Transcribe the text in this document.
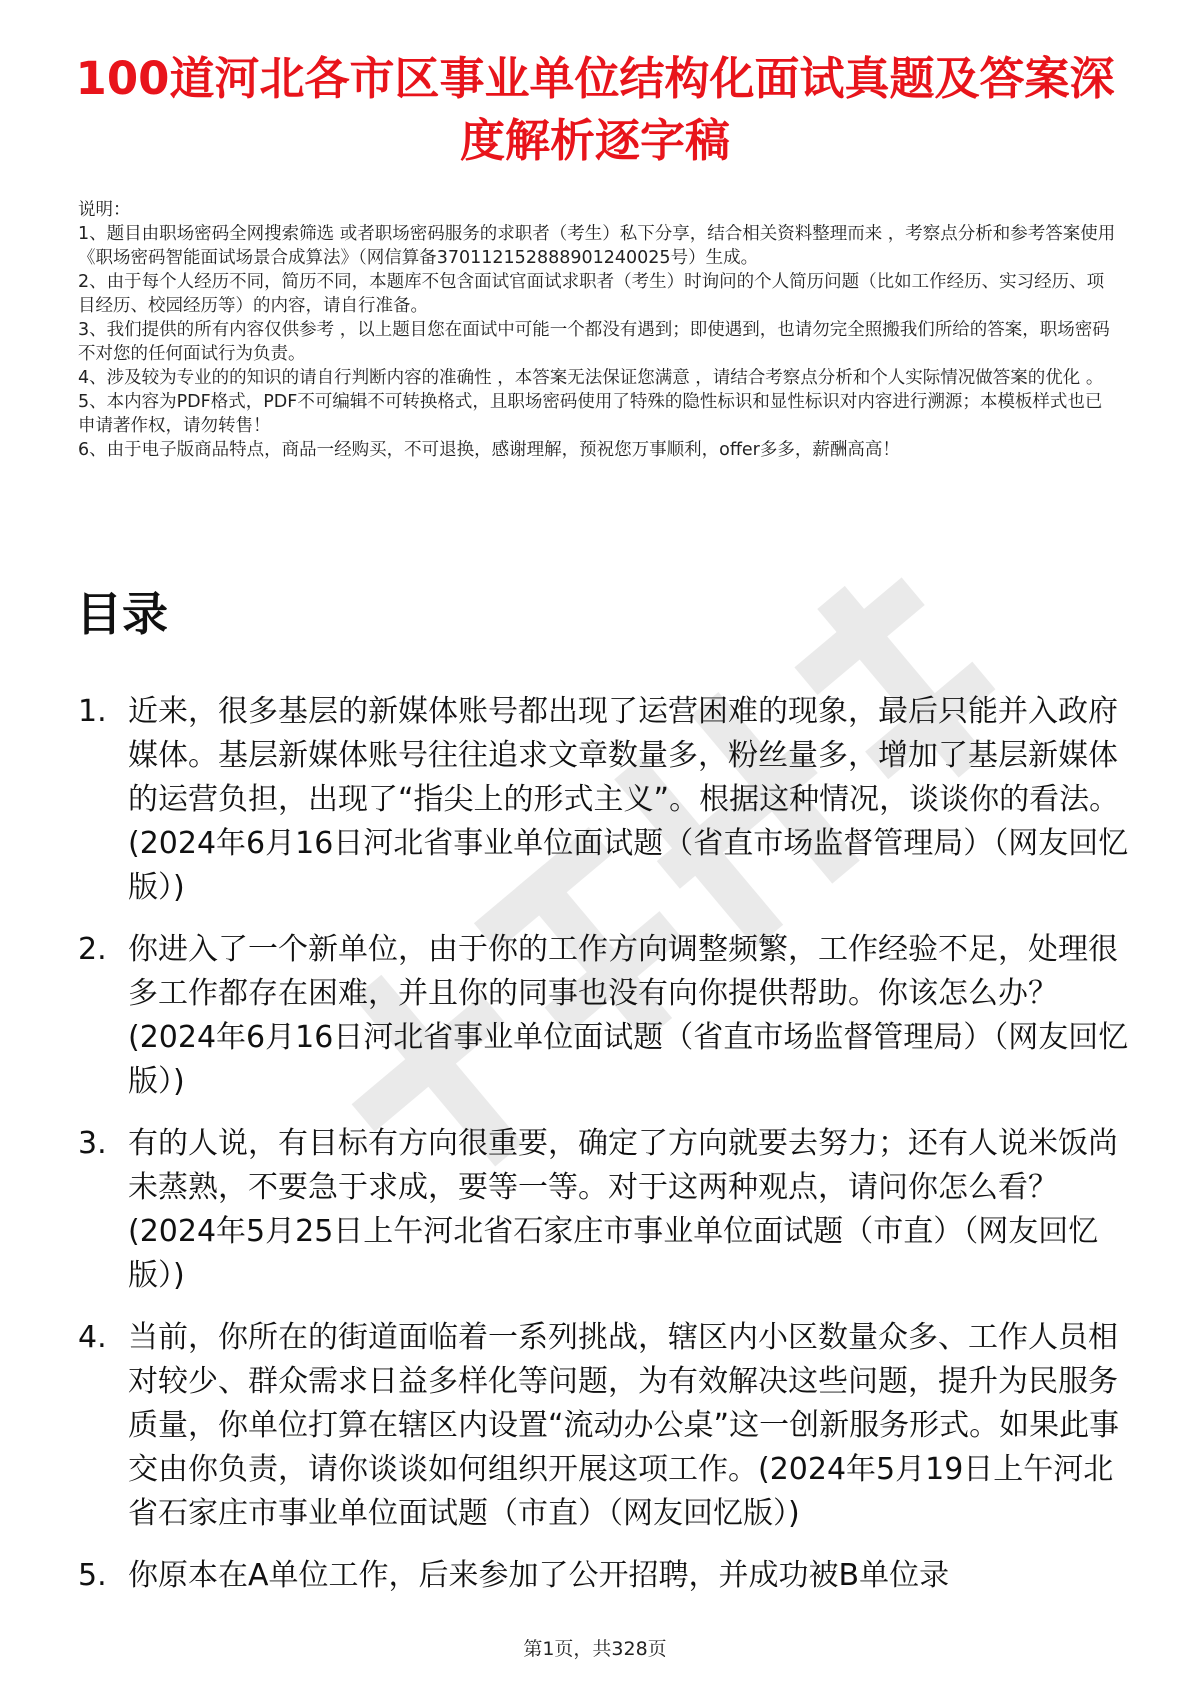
100道河北各市区事业单位结构化面试真题及答案深度解析逐字稿
说明：
1、题目由职场密码全网搜索筛选 或者职场密码服务的求职者（考生）私下分享，结合相关资料整理而来 ，考察点分析和参考答案使用《职场密码智能面试场景合成算法》（网信算备370112152888901240025号）生成。
2、由于每个人经历不同，简历不同，本题库不包含面试官面试求职者（考生）时询问的个人简历问题（比如工作经历、实习经历、项目经历、校园经历等）的内容，请自行准备。
3、我们提供的所有内容仅供参考 ，以上题目您在面试中可能一个都没有遇到；即使遇到，也请勿完全照搬我们所给的答案，职场密码不对您的任何面试行为负责。
4、涉及较为专业的的知识的请自行判断内容的准确性 ，本答案无法保证您满意 ，请结合考察点分析和个人实际情况做答案的优化 。
5、本内容为PDF格式，PDF不可编辑不可转换格式，且职场密码使用了特殊的隐性标识和显性标识对内容进行溯源；本模板样式也已申请著作权，请勿转售！
6、由于电子版商品特点，商品一经购买，不可退换，感谢理解，预祝您万事顺利，offer多多，薪酬高高！
目录
1. 近来，很多基层的新媒体账号都出现了运营困难的现象，最后只能并入政府媒体。基层新媒体账号往往追求文章数量多，粉丝量多，增加了基层新媒体的运营负担，出现了“指尖上的形式主义”。根据这种情况，谈谈你的看法。(2024年6月16日河北省事业单位面试题（省直市场监督管理局）（网友回忆版）)
2. 你进入了一个新单位，由于你的工作方向调整频繁，工作经验不足，处理很多工作都存在困难，并且你的同事也没有向你提供帮助。你该怎么办？(2024年6月16日河北省事业单位面试题（省直市场监督管理局）（网友回忆版）)
3. 有的人说，有目标有方向很重要，确定了方向就要去努力；还有人说米饭尚未蒸熟，不要急于求成，要等一等。对于这两种观点，请问你怎么看？(2024年5月25日上午河北省石家庄市事业单位面试题（市直）（网友回忆版）)
4. 当前，你所在的街道面临着一系列挑战，辖区内小区数量众多、工作人员相对较少、群众需求日益多样化等问题，为有效解决这些问题，提升为民服务质量，你单位打算在辖区内设置“流动办公桌”这一创新服务形式。如果此事交由你负责，请你谈谈如何组织开展这项工作。(2024年5月19日上午河北省石家庄市事业单位面试题（市直）（网友回忆版）)
5. 你原本在A单位工作，后来参加了公开招聘，并成功被B单位录
第1页，共328页
